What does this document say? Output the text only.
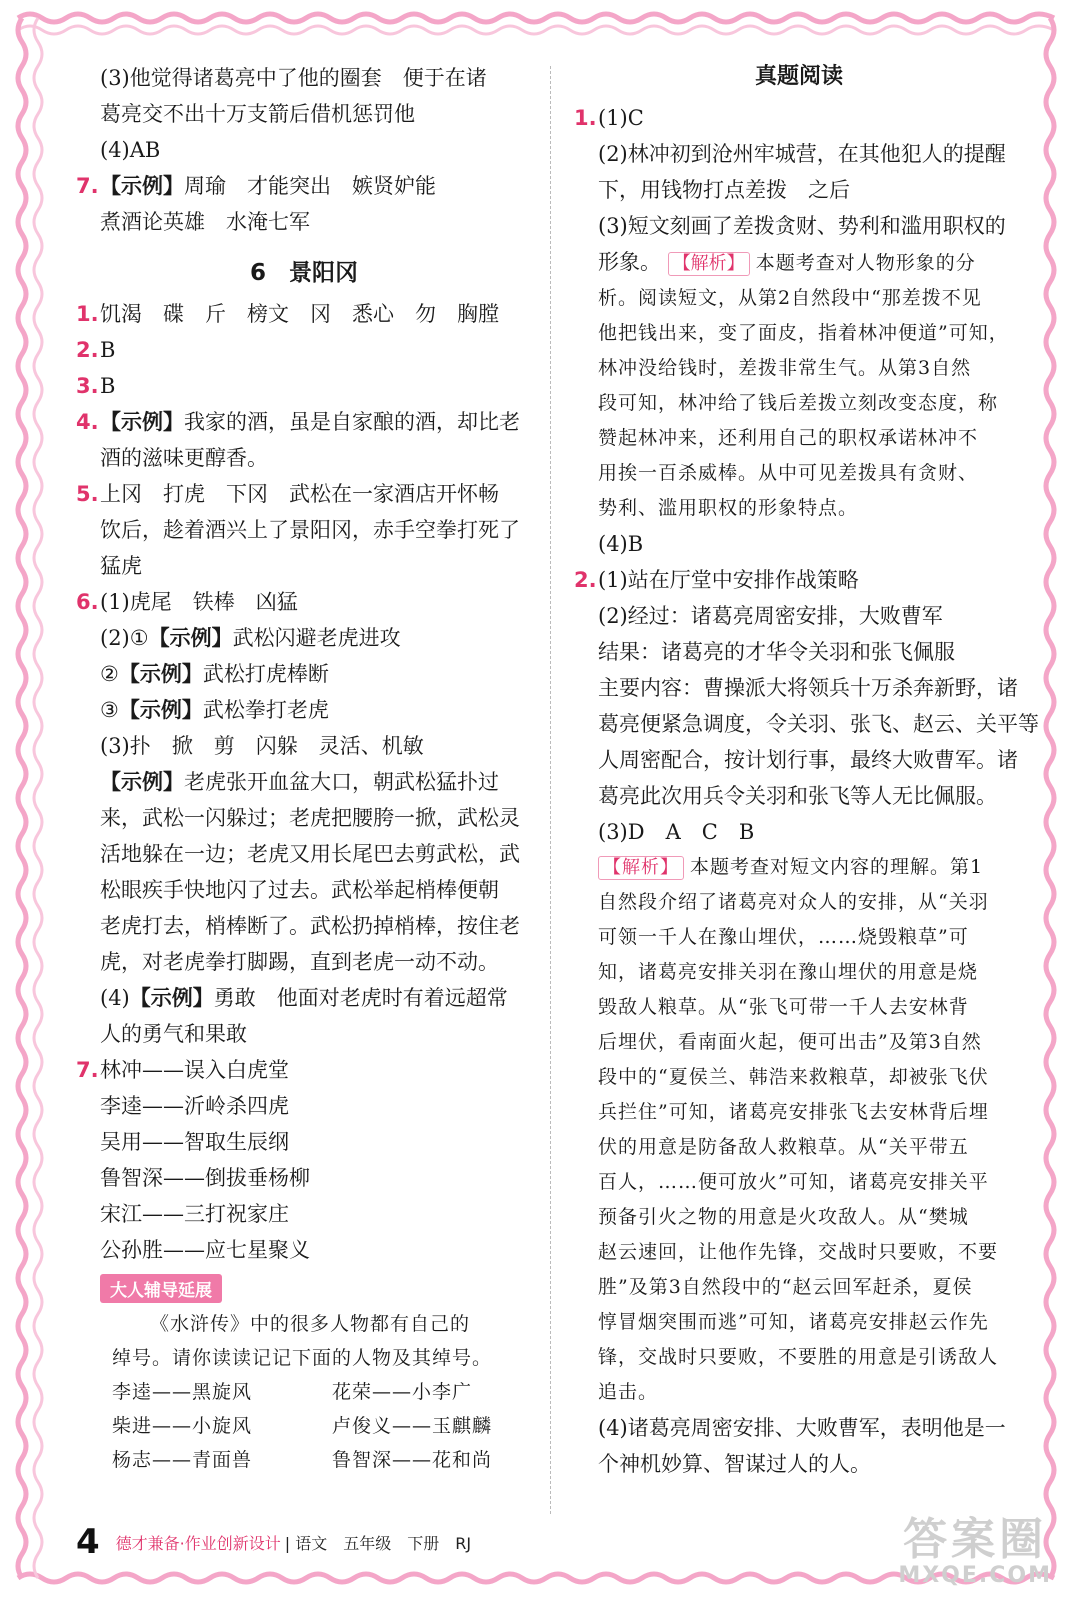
(3)他觉得诸葛亮中了他的圈套　便于在诸
葛亮交不出十万支箭后借机惩罚他
(4)AB
7.【示例】周瑜　才能突出　嫉贤妒能
煮酒论英雄　水淹七军
6　景阳冈
1.饥渴　碟　斤　榜文　冈　悉心　勿　胸膛
2.B
3.B
4.【示例】我家的酒，虽是自家酿的酒，却比老
酒的滋味更醇香。
5.上冈　打虎　下冈　武松在一家酒店开怀畅
饮后，趁着酒兴上了景阳冈，赤手空拳打死了
猛虎
6.(1)虎尾　铁棒　凶猛
(2)①【示例】武松闪避老虎进攻
②【示例】武松打虎棒断
③【示例】武松拳打老虎
(3)扑　掀　剪　闪躲　灵活、机敏
【示例】老虎张开血盆大口，朝武松猛扑过
来，武松一闪躲过；老虎把腰胯一掀，武松灵
活地躲在一边；老虎又用长尾巴去剪武松，武
松眼疾手快地闪了过去。武松举起梢棒便朝
老虎打去，梢棒断了。武松扔掉梢棒，按住老
虎，对老虎拳打脚踢，直到老虎一动不动。
(4)【示例】勇敢　他面对老虎时有着远超常
人的勇气和果敢
7.林冲——误入白虎堂
李逵——沂岭杀四虎
吴用——智取生辰纲
鲁智深——倒拔垂杨柳
宋江——三打祝家庄
公孙胜——应七星聚义
大人辅导延展
《水浒传》中的很多人物都有自己的
绰号。请你读读记记下面的人物及其绰号。
李逵——黑旋风	花荣——小李广
柴进——小旋风	卢俊义——玉麒麟
杨志——青面兽	鲁智深——花和尚
真题阅读
1.(1)C
(2)林冲初到沧州牢城营，在其他犯人的提醒
下，用钱物打点差拨　之后
(3)短文刻画了差拨贪财、势利和滥用职权的
形象。 【解析】 本题考查对人物形象的分
析。阅读短文，从第2自然段中“那差拨不见
他把钱出来，变了面皮，指着林冲便道”可知，
林冲没给钱时，差拨非常生气。从第3自然
段可知，林冲给了钱后差拨立刻改变态度，称
赞起林冲来，还利用自己的职权承诺林冲不
用挨一百杀威棒。从中可见差拨具有贪财、
势利、滥用职权的形象特点。
(4)B
2.(1)站在厅堂中安排作战策略
(2)经过：诸葛亮周密安排，大败曹军
结果：诸葛亮的才华令关羽和张飞佩服
主要内容：曹操派大将领兵十万杀奔新野，诸
葛亮便紧急调度，令关羽、张飞、赵云、关平等
人周密配合，按计划行事，最终大败曹军。诸
葛亮此次用兵令关羽和张飞等人无比佩服。
(3)D　A　C　B
【解析】 本题考查对短文内容的理解。第1
自然段介绍了诸葛亮对众人的安排，从“关羽
可领一千人在豫山埋伏，……烧毁粮草”可
知，诸葛亮安排关羽在豫山埋伏的用意是烧
毁敌人粮草。从“张飞可带一千人去安林背
后埋伏，看南面火起，便可出击”及第3自然
段中的“夏侯兰、韩浩来救粮草，却被张飞伏
兵拦住”可知，诸葛亮安排张飞去安林背后埋
伏的用意是防备敌人救粮草。从“关平带五
百人，……便可放火”可知，诸葛亮安排关平
预备引火之物的用意是火攻敌人。从“樊城
赵云速回，让他作先锋，交战时只要败，不要
胜”及第3自然段中的“赵云回军赶杀，夏侯
惇冒烟突围而逃”可知，诸葛亮安排赵云作先
锋，交战时只要败，不要胜的用意是引诱敌人
追击。
(4)诸葛亮周密安排、大败曹军，表明他是一
个神机妙算、智谋过人的人。
4 德才兼备·作业创新设计 | 语文　五年级　下册　RJ	答案圈
MXQE.COM
